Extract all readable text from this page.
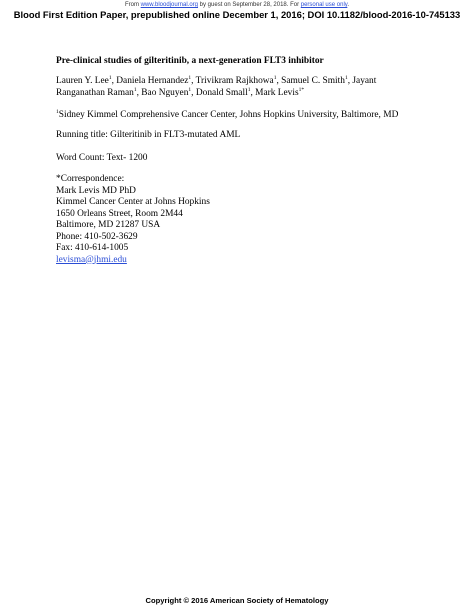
From www.bloodjournal.org by guest on September 28, 2018. For personal use only.
Blood First Edition Paper, prepublished online December 1, 2016; DOI 10.1182/blood-2016-10-745133
Pre-clinical studies of gilteritinib, a next-generation FLT3 inhibitor
Lauren Y. Lee$^1$, Daniela Hernandez$^1$, Trivikram Rajkhowa$^1$, Samuel C. Smith$^1$, Jayant
Ranganathan Raman$^1$, Bao Nguyen$^1$, Donald Small$^1$, Mark Levis$^{1*}$
$^1$Sidney Kimmel Comprehensive Cancer Center, Johns Hopkins University, Baltimore, MD
Running title: Gilteritinib in FLT3-mutated AML
Word Count: Text- 1200
*Correspondence:
Mark Levis MD PhD
Kimmel Cancer Center at Johns Hopkins
1650 Orleans Street, Room 2M44
Baltimore, MD 21287 USA
Phone: 410-502-3629
Fax: 410-614-1005
levisma@jhmi.edu
Copyright © 2016 American Society of Hematology
